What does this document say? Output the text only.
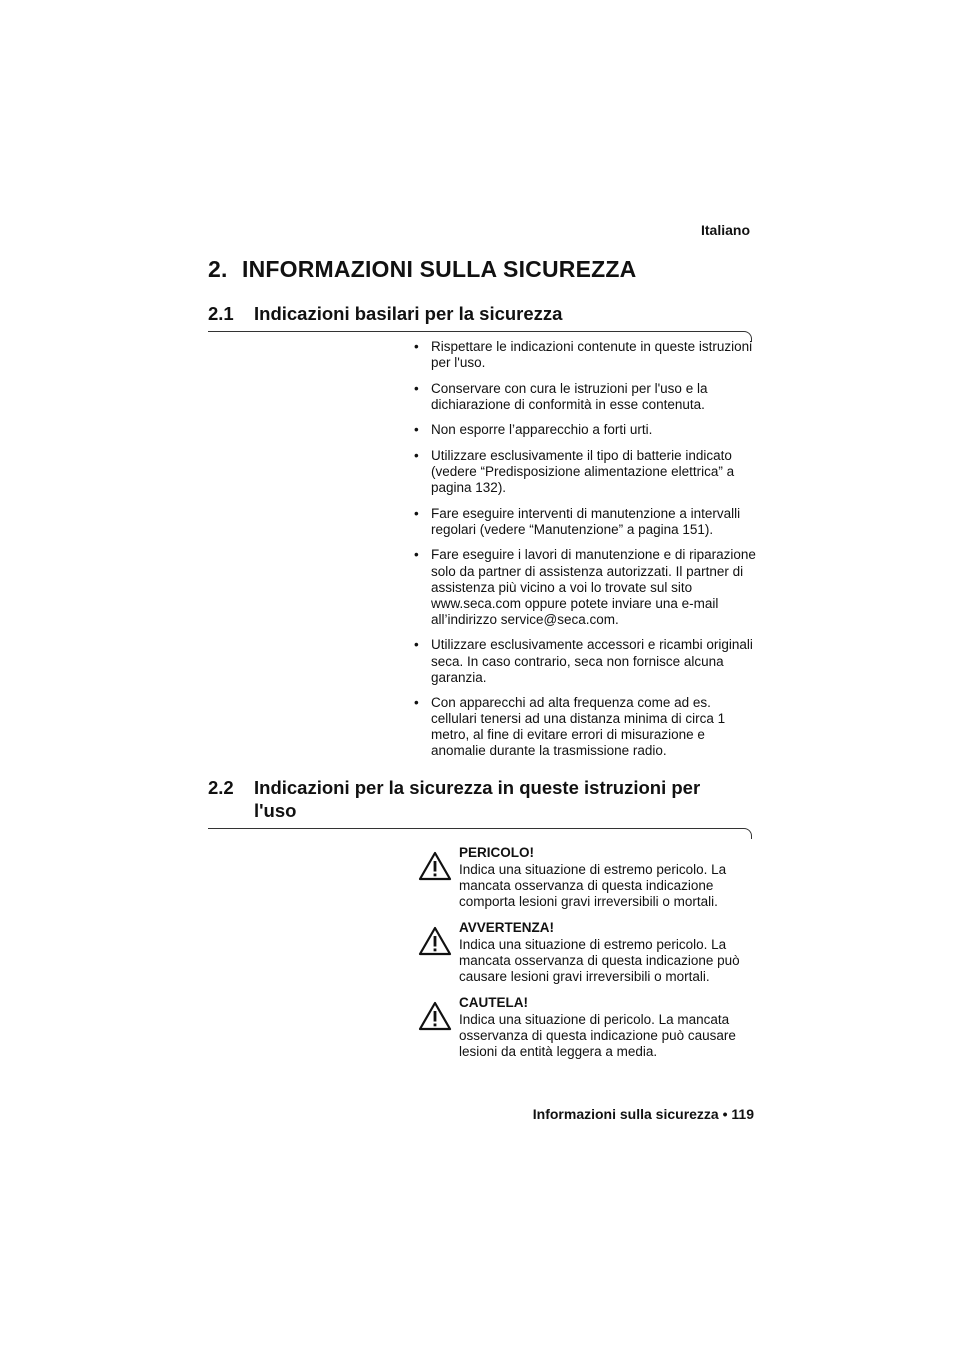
Italiano
2. INFORMAZIONI SULLA SICUREZZA
2.1 Indicazioni basilari per la sicurezza
• Rispettare le indicazioni contenute in queste istruzioni per l'uso.
• Conservare con cura le istruzioni per l'uso e la dichiarazione di conformità in esse contenuta.
• Non esporre l’apparecchio a forti urti.
• Utilizzare esclusivamente il tipo di batterie indicato (vedere “Predisposizione alimentazione elettrica” a pagina 132).
• Fare eseguire interventi di manutenzione a intervalli regolari (vedere “Manutenzione” a pagina 151).
• Fare eseguire i lavori di manutenzione e di riparazione solo da partner di assistenza autorizzati. Il partner di assistenza più vicino a voi lo trovate sul sito www.seca.com oppure potete inviare una e-mail all’indirizzo service@seca.com.
• Utilizzare esclusivamente accessori e ricambi originali seca. In caso contrario, seca non fornisce alcuna garanzia.
• Con apparecchi ad alta frequenza come ad es. cellulari tenersi ad una distanza minima di circa 1 metro, al fine di evitare errori di misurazione e anomalie durante la trasmissione radio.
2.2 Indicazioni per la sicurezza in queste istruzioni per
l'uso
PERICOLO!
Indica una situazione di estremo pericolo. La mancata osservanza di questa indicazione comporta lesioni gravi irreversibili o mortali.
AVVERTENZA!
Indica una situazione di estremo pericolo. La mancata osservanza di questa indicazione può causare lesioni gravi irreversibili o mortali.
CAUTELA!
Indica una situazione di pericolo. La mancata osservanza di questa indicazione può causare lesioni da entità leggera a media.
Informazioni sulla sicurezza • 119
